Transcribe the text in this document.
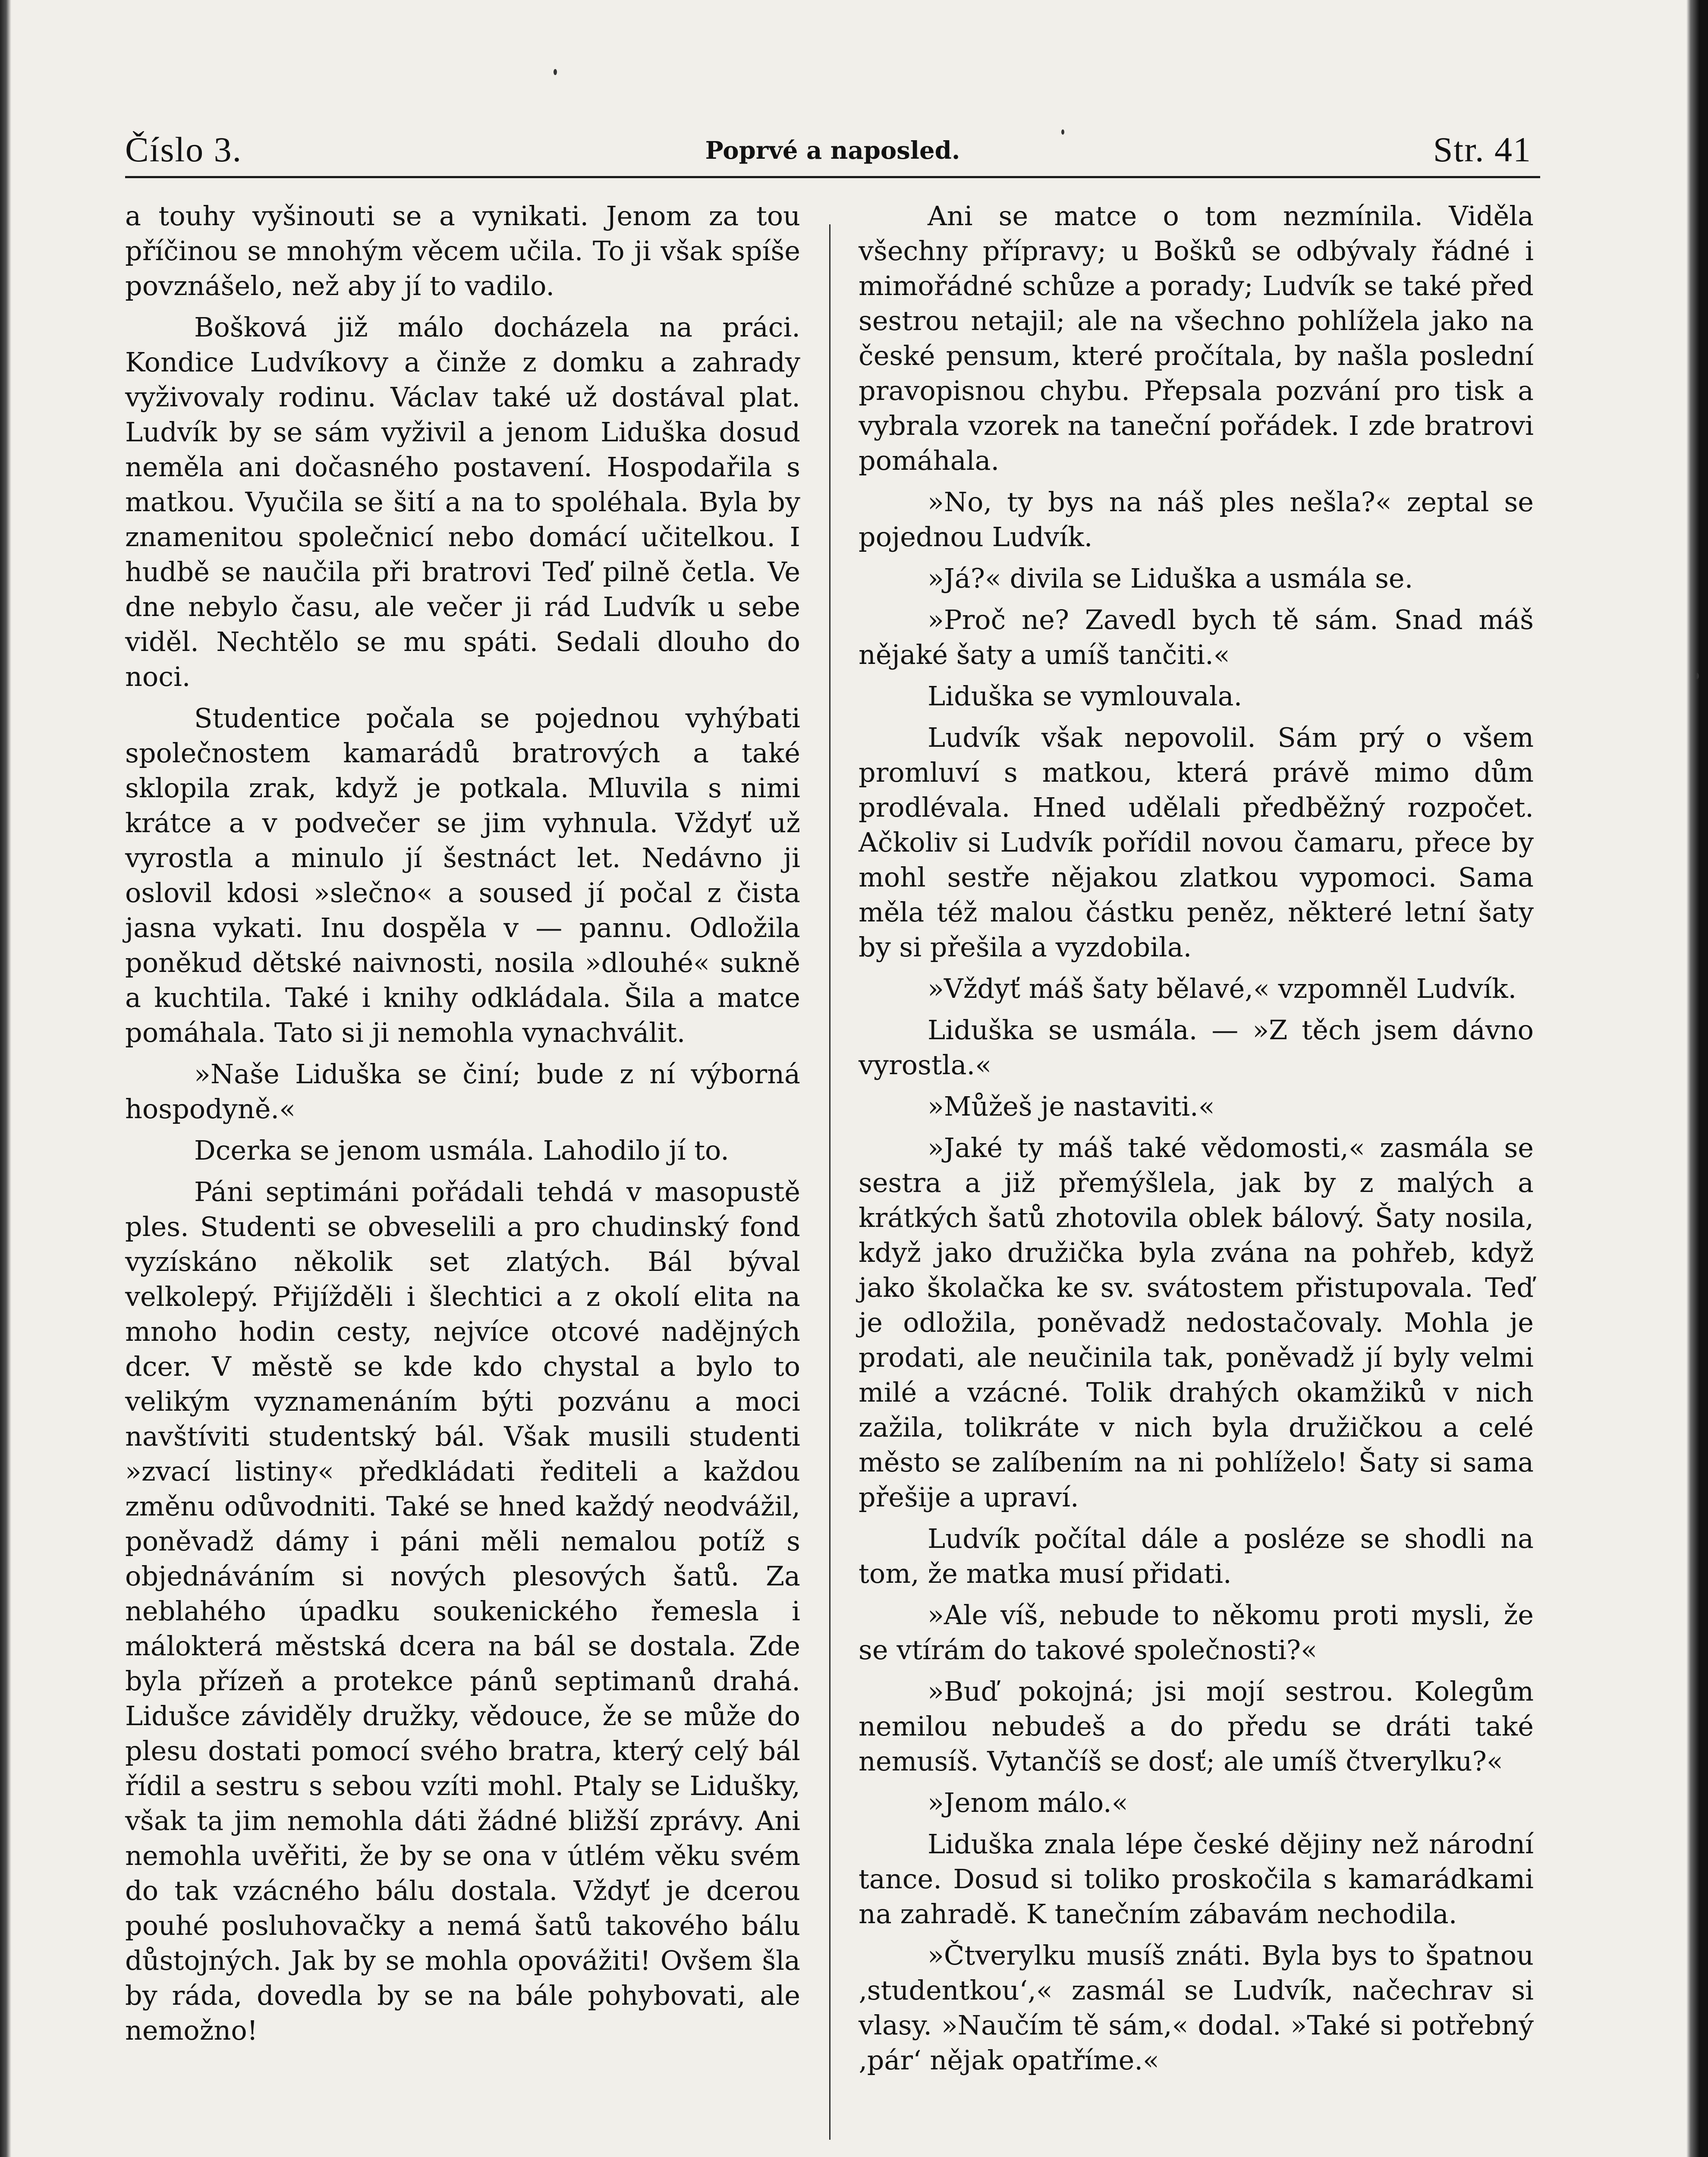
Číslo 3.	Poprvé a naposled.	Str. 41

a touhy vyšinouti se a vynikati. Jenom za tou příčinou se mnohým věcem učila. To ji však spíše povznášelo, než aby jí to vadilo.

Bošková již málo docházela na práci. Kondice Ludvíkovy a činže z domku a zahrady vyživovaly rodinu. Václav také už dostával plat. Ludvík by se sám vyživil a jenom Liduška dosud neměla ani dočasného postavení. Hospodařila s matkou. Vyučila se šití a na to spoléhala. Byla by znamenitou společnicí nebo domácí učitelkou. I hudbě se naučila při bratrovi Teď pilně četla. Ve dne nebylo času, ale večer ji rád Ludvík u sebe viděl. Nechtělo se mu spáti. Sedali dlouho do noci.

Studentice počala se pojednou vyhýbati společnostem kamarádů bratrových a také sklopila zrak, když je potkala. Mluvila s nimi krátce a v podvečer se jim vyhnula. Vždyť už vyrostla a minulo jí šestnáct let. Nedávno ji oslovil kdosi »slečno« a soused jí počal z čista jasna vykati. Inu dospěla v — pannu. Odložila poněkud dětské naivnosti, nosila »dlouhé« sukně a kuchtila. Také i knihy odkládala. Šila a matce pomáhala. Tato si ji nemohla vynachválit.

»Naše Liduška se činí; bude z ní výborná hospodyně.«

Dcerka se jenom usmála. Lahodilo jí to.

Páni septimáni pořádali tehdá v masopustě ples. Studenti se obveselili a pro chudinský fond vyzískáno několik set zlatých. Bál býval velkolepý. Přijížděli i šlechtici a z okolí elita na mnoho hodin cesty, nejvíce otcové nadějných dcer. V městě se kde kdo chystal a bylo to velikým vyznamenáním býti pozvánu a moci navštíviti studentský bál. Však musili studenti »zvací listiny« předkládati řediteli a každou změnu odůvodniti. Také se hned každý neodvážil, poněvadž dámy i páni měli nemalou potíž s objednáváním si nových plesových šatů. Za neblahého úpadku soukenického řemesla i málokterá městská dcera na bál se dostala. Zde byla přízeň a protekce pánů septimanů drahá. Lidušce záviděly družky, vědouce, že se může do plesu dostati pomocí svého bratra, který celý bál řídil a sestru s sebou vzíti mohl. Ptaly se Lidušky, však ta jim nemohla dáti žádné bližší zprávy. Ani nemohla uvěřiti, že by se ona v útlém věku svém do tak vzácného bálu dostala. Vždyť je dcerou pouhé posluhovačky a nemá šatů takového bálu důstojných. Jak by se mohla opovážiti! Ovšem šla by ráda, dovedla by se na bále pohybovati, ale nemožno!

Ani se matce o tom nezmínila. Viděla všechny přípravy; u Bošků se odbývaly řádné i mimořádné schůze a porady; Ludvík se také před sestrou netajil; ale na všechno pohlížela jako na české pensum, které pročítala, by našla poslední pravopisnou chybu. Přepsala pozvání pro tisk a vybrala vzorek na taneční pořádek. I zde bratrovi pomáhala.

»No, ty bys na náš ples nešla?« zeptal se pojednou Ludvík.

»Já?« divila se Liduška a usmála se.

»Proč ne? Zavedl bych tě sám. Snad máš nějaké šaty a umíš tančiti.«

Liduška se vymlouvala.

Ludvík však nepovolil. Sám prý o všem promluví s matkou, která právě mimo dům prodlévala. Hned udělali předběžný rozpočet. Ačkoliv si Ludvík pořídil novou čamaru, přece by mohl sestře nějakou zlatkou vypomoci. Sama měla též malou částku peněz, některé letní šaty by si přešila a vyzdobila.

»Vždyť máš šaty bělavé,« vzpomněl Ludvík.

Liduška se usmála. — »Z těch jsem dávno vyrostla.«

»Můžeš je nastaviti.«

»Jaké ty máš také vědomosti,« zasmála se sestra a již přemýšlela, jak by z malých a krátkých šatů zhotovila oblek bálový. Šaty nosila, když jako družička byla zvána na pohřeb, když jako školačka ke sv. svátostem přistupovala. Teď je odložila, poněvadž nedostačovaly. Mohla je prodati, ale neučinila tak, poněvadž jí byly velmi milé a vzácné. Tolik drahých okamžiků v nich zažila, tolikráte v nich byla družičkou a celé město se zalíbením na ni pohlíželo! Šaty si sama přešije a upraví.

Ludvík počítal dále a posléze se shodli na tom, že matka musí přidati.

»Ale víš, nebude to někomu proti mysli, že se vtírám do takové společnosti?«

»Buď pokojná; jsi mojí sestrou. Kolegům nemilou nebudeš a do předu se dráti také nemusíš. Vytančíš se dosť; ale umíš čtverylku?«

»Jenom málo.«

Liduška znala lépe české dějiny než národní tance. Dosud si toliko proskočila s kamarádkami na zahradě. K tanečním zábavám nechodila.

»Čtverylku musíš znáti. Byla bys to špatnou ‚studentkou‘,« zasmál se Ludvík, načechrav si vlasy. »Naučím tě sám,« dodal. »Také si potřebný ‚pár‘ nějak opatříme.«
